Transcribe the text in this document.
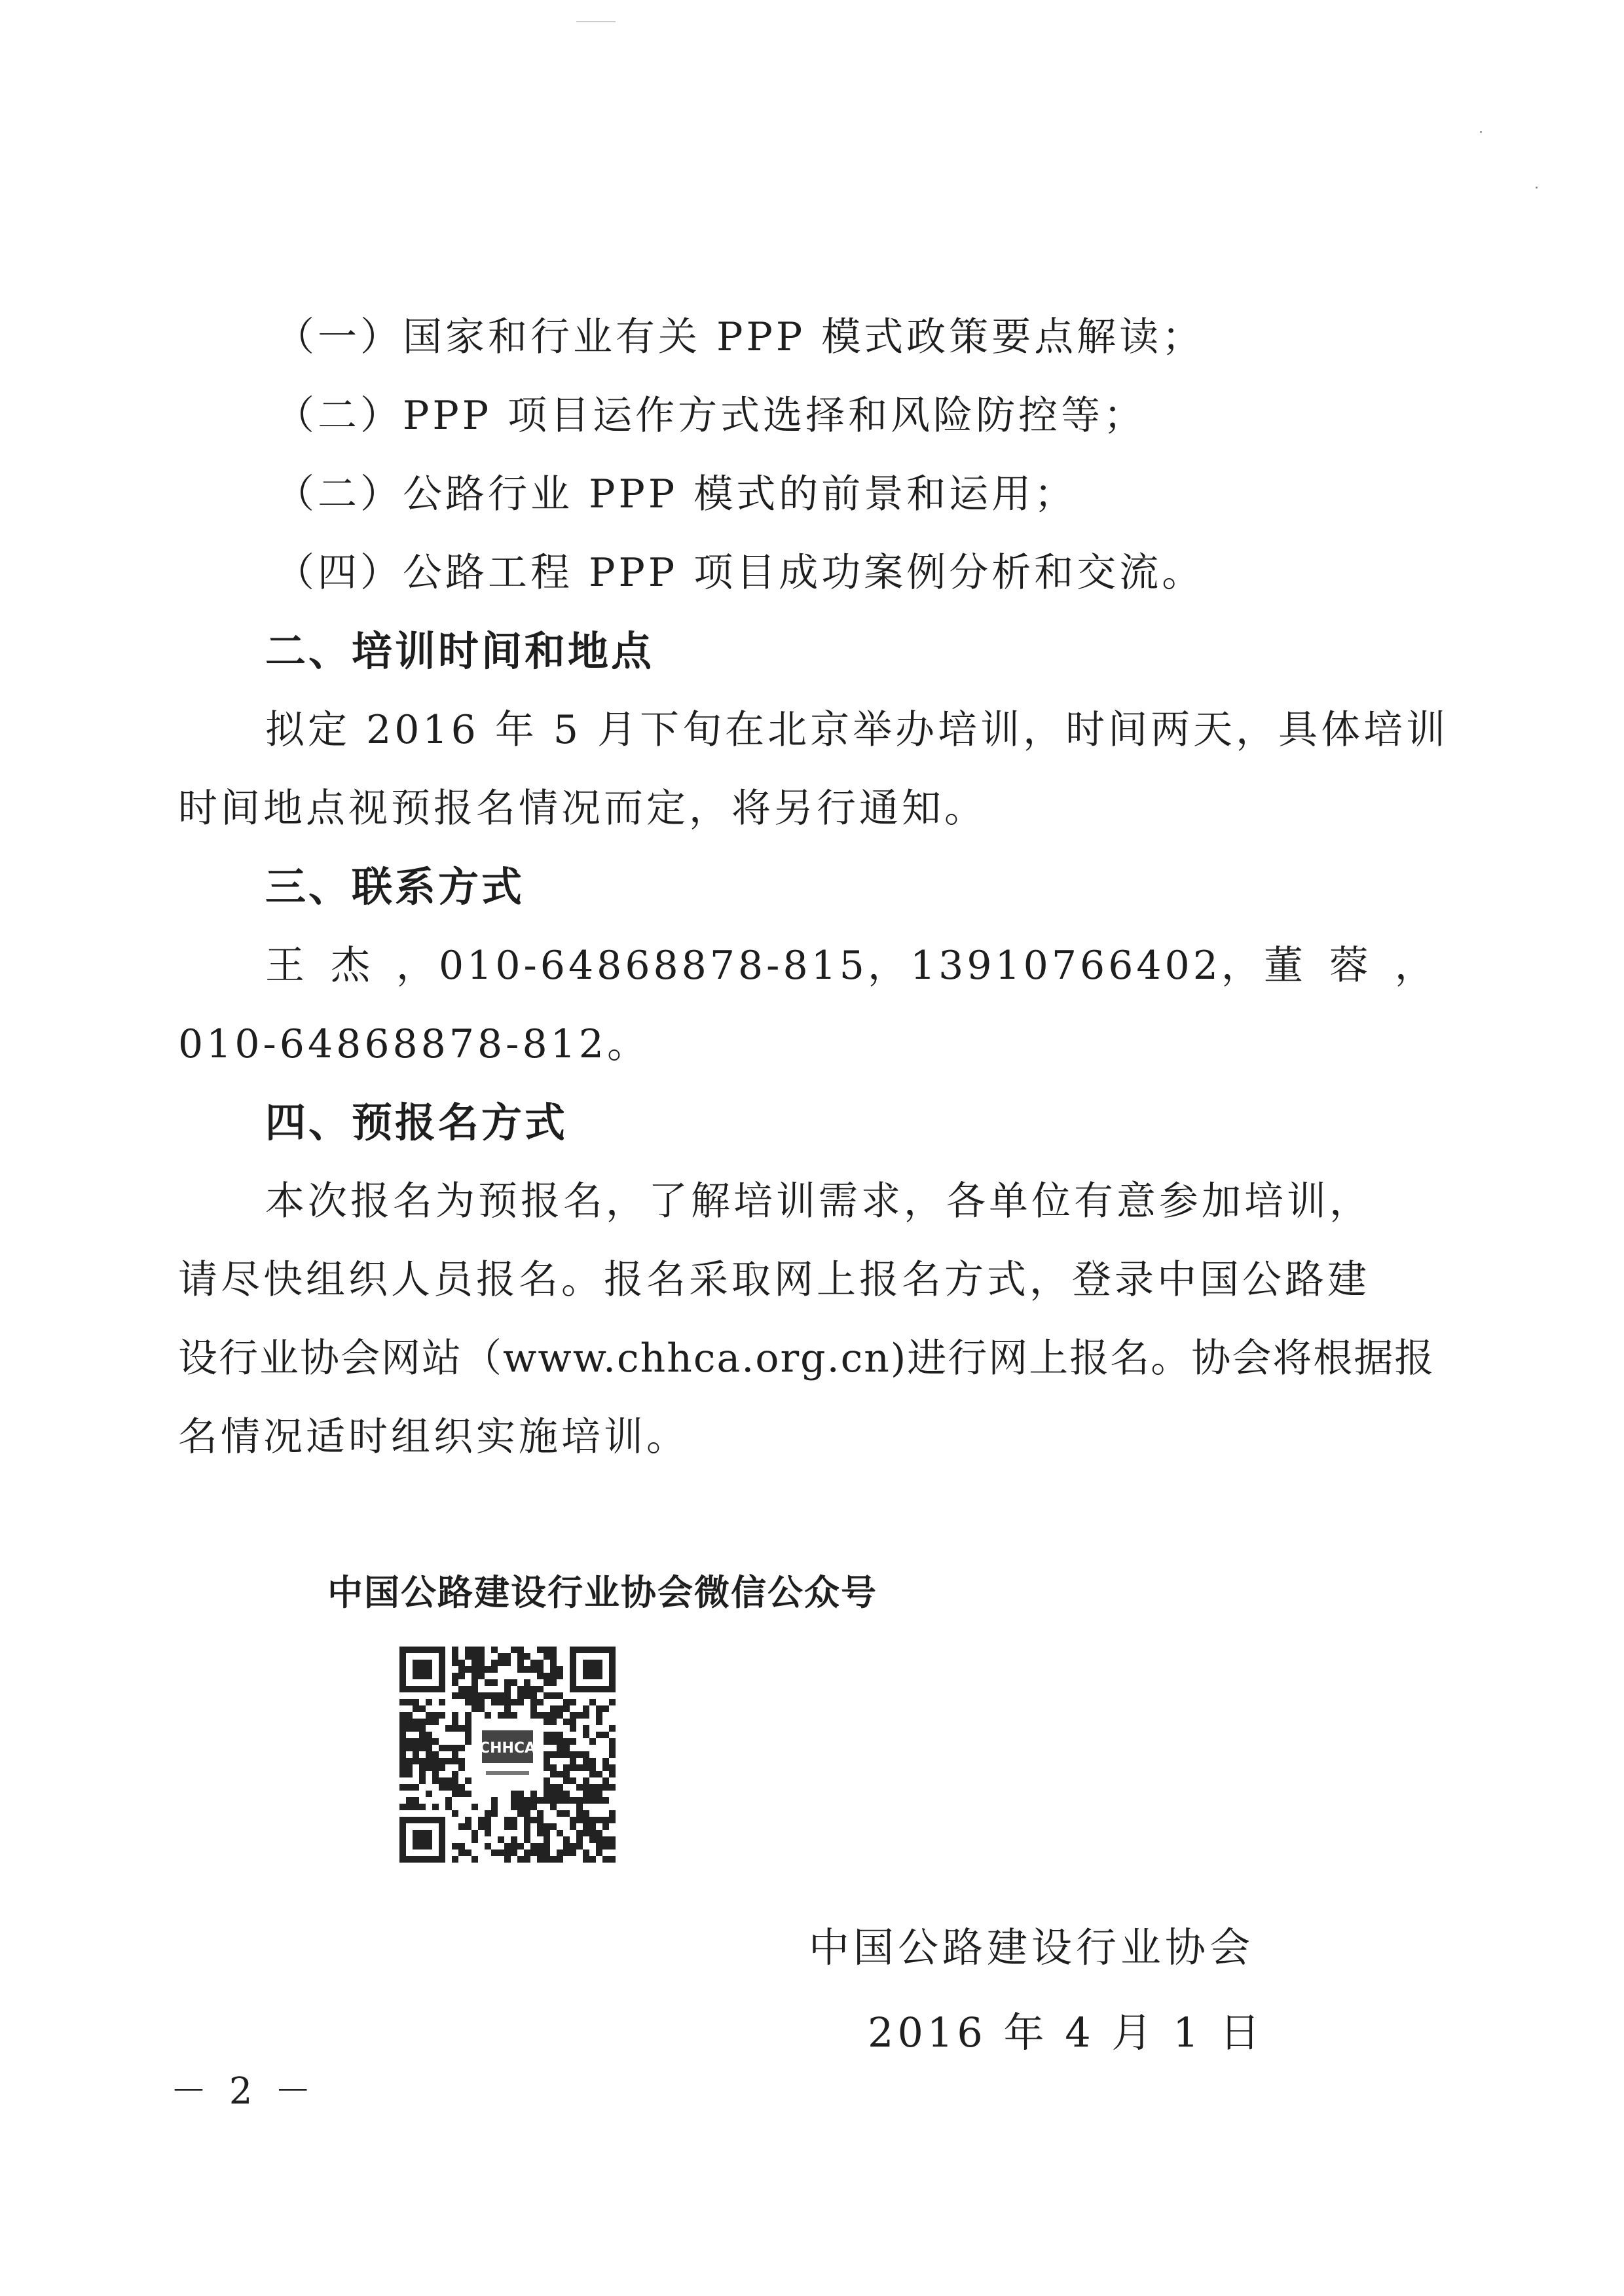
（一）国家和行业有关 PPP 模式政策要点解读；
（二）PPP 项目运作方式选择和风险防控等；
（二）公路行业 PPP 模式的前景和运用；
（四）公路工程 PPP 项目成功案例分析和交流。
二、培训时间和地点
拟定 2016 年 5 月下旬在北京举办培训，时间两天，具体培训
时间地点视预报名情况而定，将另行通知。
三、联系方式
王杰 ， 010-64868878-815 ， 13910766402 ， 董蓉 ，
010-64868878-812。
四、预报名方式
本次报名为预报名，了解培训需求，各单位有意参加培训，
请尽快组织人员报名。报名采取网上报名方式，登录中国公路建
设行业协会网站（www.chhca.org.cn)进行网上报名。协会将根据报
名情况适时组织实施培训。
中国公路建设行业协会微信公众号
CHHCA
中国公路建设行业协会
2016 年 4 月 1 日
－ 2 －
